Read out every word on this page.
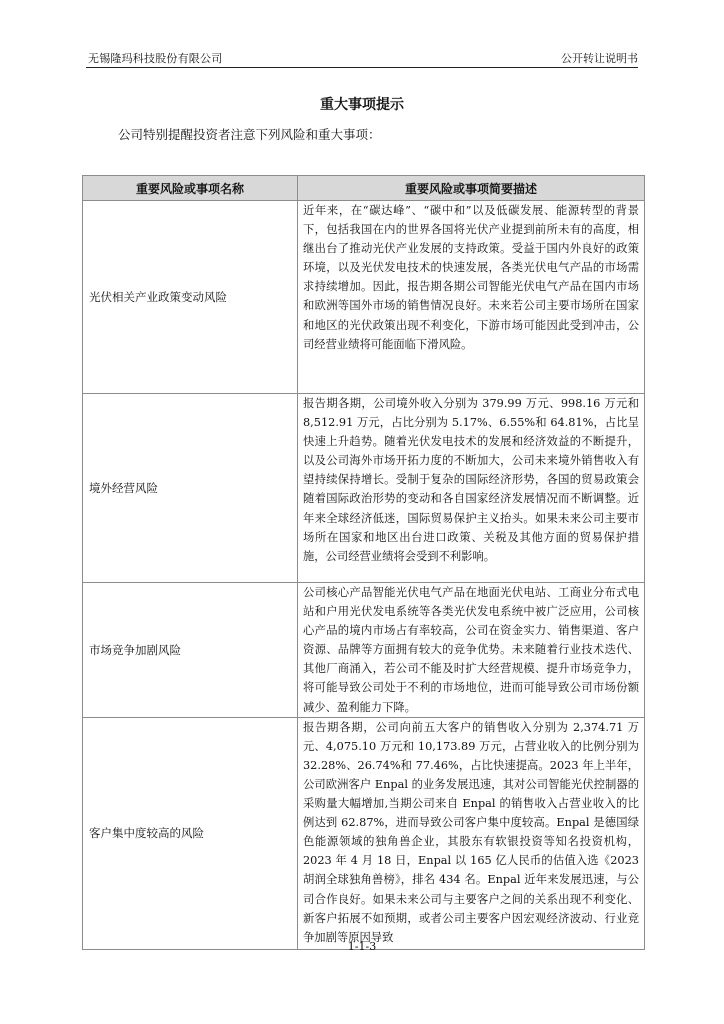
无锡隆玛科技股份有限公司	公开转让说明书
重大事项提示
公司特别提醒投资者注意下列风险和重大事项：
重要风险或事项名称	重要风险或事项简要描述
光伏相关产业政策变动风险	近年来，在“碳达峰”、“碳中和”以及低碳发展、能源转型的背景下，包括我国在内的世界各国将光伏产业提到前所未有的高度，相继出台了推动光伏产业发展的支持政策。受益于国内外良好的政策环境，以及光伏发电技术的快速发展，各类光伏电气产品的市场需求持续增加。因此，报告期各期公司智能光伏电气产品在国内市场和欧洲等国外市场的销售情况良好。未来若公司主要市场所在国家和地区的光伏政策出现不利变化，下游市场可能因此受到冲击，公司经营业绩将可能面临下滑风险。
境外经营风险	报告期各期，公司境外收入分别为 379.99 万元、998.16 万元和 8,512.91 万元，占比分别为 5.17%、6.55%和 64.81%，占比呈快速上升趋势。随着光伏发电技术的发展和经济效益的不断提升，以及公司海外市场开拓力度的不断加大，公司未来境外销售收入有望持续保持增长。受制于复杂的国际经济形势，各国的贸易政策会随着国际政治形势的变动和各自国家经济发展情况而不断调整。近年来全球经济低迷，国际贸易保护主义抬头。如果未来公司主要市场所在国家和地区出台进口政策、关税及其他方面的贸易保护措施，公司经营业绩将会受到不利影响。
市场竞争加剧风险	公司核心产品智能光伏电气产品在地面光伏电站、工商业分布式电站和户用光伏发电系统等各类光伏发电系统中被广泛应用，公司核心产品的境内市场占有率较高，公司在资金实力、销售渠道、客户资源、品牌等方面拥有较大的竞争优势。未来随着行业技术迭代、其他厂商涌入，若公司不能及时扩大经营规模、提升市场竞争力，将可能导致公司处于不利的市场地位，进而可能导致公司市场份额减少、盈利能力下降。
客户集中度较高的风险	报告期各期，公司向前五大客户的销售收入分别为 2,374.71 万元、4,075.10 万元和 10,173.89 万元，占营业收入的比例分别为 32.28%、26.74%和 77.46%，占比快速提高。2023 年上半年，公司欧洲客户 Enpal 的业务发展迅速，其对公司智能光伏控制器的采购量大幅增加,当期公司来自 Enpal 的销售收入占营业收入的比例达到 62.87%，进而导致公司客户集中度较高。Enpal 是德国绿色能源领域的独角兽企业，其股东有软银投资等知名投资机构，2023 年 4 月 18 日，Enpal 以 165 亿人民币的估值入选《2023 胡润全球独角兽榜》，排名 434 名。Enpal 近年来发展迅速，与公司合作良好。如果未来公司与主要客户之间的关系出现不利变化、新客户拓展不如预期，或者公司主要客户因宏观经济波动、行业竞争加剧等原因导致
1-1-3
